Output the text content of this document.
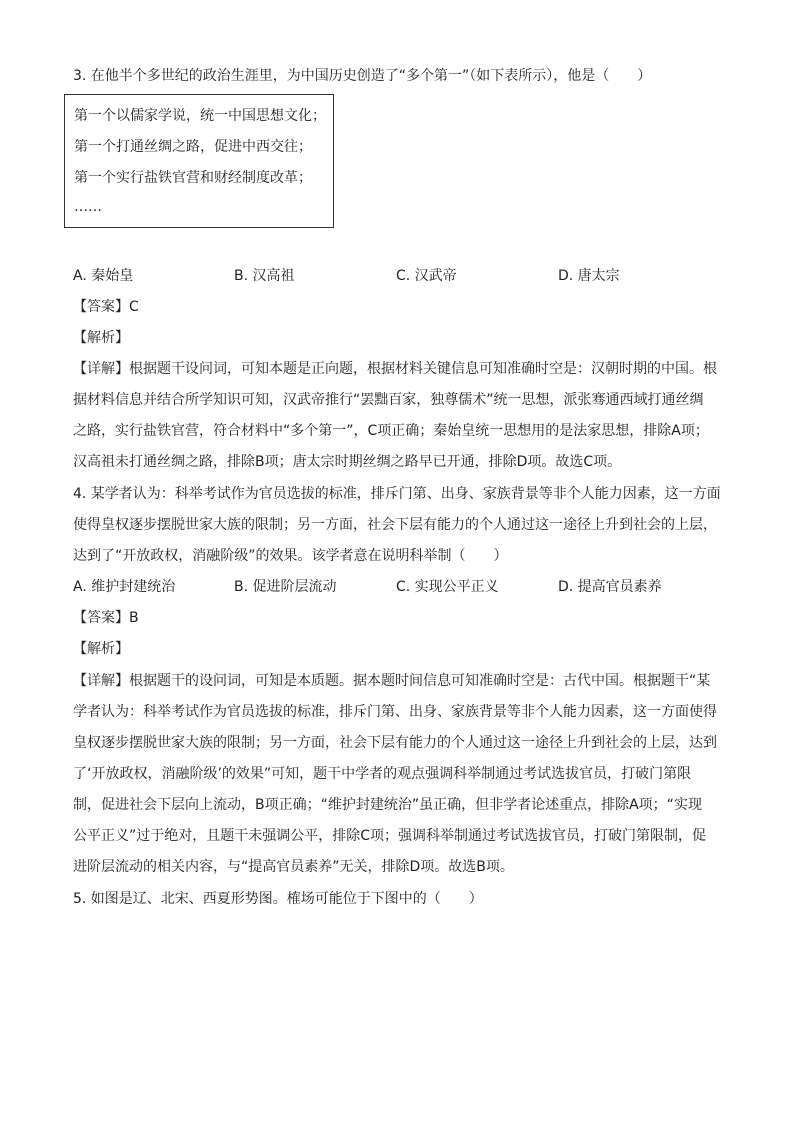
3. 在他半个多世纪的政治生涯里，为中国历史创造了“多个第一”（如下表所示），他是（　　）
第一个以儒家学说，统一中国思想文化；
第一个打通丝绸之路，促进中西交往；
第一个实行盐铁官营和财经制度改革；
……
A. 秦始皇	B. 汉高祖	C. 汉武帝	D. 唐太宗
【答案】C
【解析】
【详解】根据题干设问词，可知本题是正向题，根据材料关键信息可知准确时空是：汉朝时期的中国。根
据材料信息并结合所学知识可知，汉武帝推行“罢黜百家，独尊儒术”统一思想，派张骞通西域打通丝绸
之路，实行盐铁官营，符合材料中“多个第一”，C项正确；秦始皇统一思想用的是法家思想，排除A项；
汉高祖未打通丝绸之路，排除B项；唐太宗时期丝绸之路早已开通，排除D项。故选C项。
4. 某学者认为：科举考试作为官员选拔的标准，排斥门第、出身、家族背景等非个人能力因素，这一方面
使得皇权逐步摆脱世家大族的限制；另一方面，社会下层有能力的个人通过这一途径上升到社会的上层，
达到了“开放政权，消融阶级”的效果。该学者意在说明科举制（　　）
A. 维护封建统治	B. 促进阶层流动	C. 实现公平正义	D. 提高官员素养
【答案】B
【解析】
【详解】根据题干的设问词，可知是本质题。据本题时间信息可知准确时空是：古代中国。根据题干“某
学者认为：科举考试作为官员选拔的标准，排斥门第、出身、家族背景等非个人能力因素，这一方面使得
皇权逐步摆脱世家大族的限制；另一方面，社会下层有能力的个人通过这一途径上升到社会的上层，达到
了‘开放政权，消融阶级’的效果”可知，题干中学者的观点强调科举制通过考试选拔官员，打破门第限
制，促进社会下层向上流动，B项正确；“维护封建统治”虽正确，但非学者论述重点，排除A项；“实现
公平正义”过于绝对，且题干未强调公平，排除C项；强调科举制通过考试选拔官员，打破门第限制，促
进阶层流动的相关内容，与“提高官员素养”无关，排除D项。故选B项。
5. 如图是辽、北宋、西夏形势图。榷场可能位于下图中的（　　）
